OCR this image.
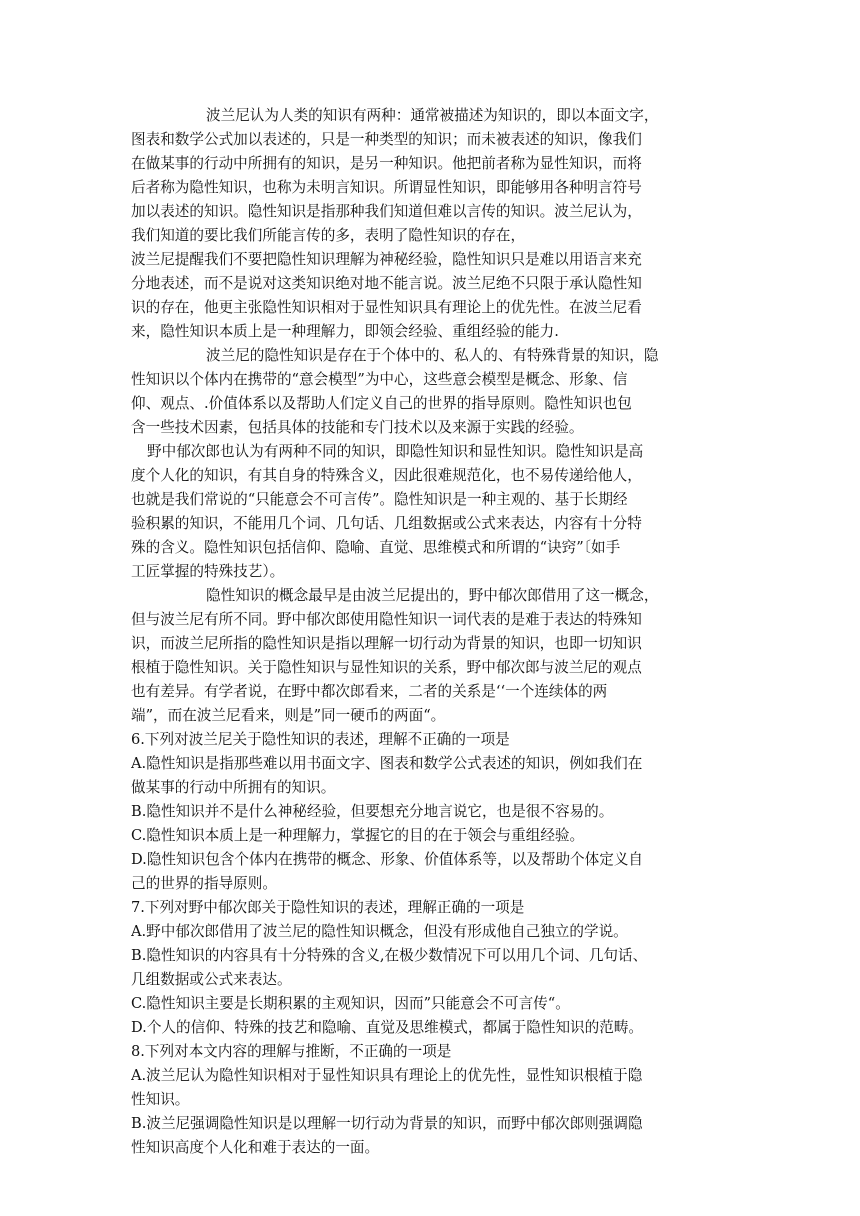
波兰尼认为人类的知识有两种：通常被描述为知识的，即以本面文字，
图表和数学公式加以表述的，只是一种类型的知识；而未被表述的知识，像我们
在做某事的行动中所拥有的知识，是另一种知识。他把前者称为显性知识，而将
后者称为隐性知识，也称为未明言知识。所谓显性知识，即能够用各种明言符号
加以表述的知识。隐性知识是指那种我们知道但难以言传的知识。波兰尼认为，
我们知道的要比我们所能言传的多，表明了隐性知识的存在，
波兰尼提醒我们不要把隐性知识理解为神秘经验，隐性知识只是难以用语言来充
分地表述，而不是说对这类知识绝对地不能言说。波兰尼绝不只限于承认隐性知
识的存在，他更主张隐性知识相对于显性知识具有理论上的优先性。在波兰尼看
来，隐性知识本质上是一种理解力，即领会经验、重组经验的能力.
波兰尼的隐性知识是存在于个体中的、私人的、有特殊背景的知识，隐
性知识以个体内在携带的“意会模型”为中心，这些意会模型是概念、形象、信
仰、观点、.价值体系以及帮助人们定义自己的世界的指导原则。隐性知识也包
含一些技术因素，包括具体的技能和专门技术以及来源于实践的经验。
野中郁次郎也认为有两种不同的知识，即隐性知识和显性知识。隐性知识是高
度个人化的知识，有其自身的特殊含义，因此很难规范化，也不易传递给他人，
也就是我们常说的“只能意会不可言传”。隐性知识是一种主观的、基于长期经
验积累的知识，不能用几个词、几句话、几组数据或公式来表达，内容有十分特
殊的含义。隐性知识包括信仰、隐喻、直觉、思维模式和所谓的“诀窍”〔如手
工匠掌握的特殊技艺）。
隐性知识的概念最早是由波兰尼提出的，野中郁次郎借用了这一概念，
但与波兰尼有所不同。野中郁次郎使用隐性知识一词代表的是难于表达的特殊知
识，而波兰尼所指的隐性知识是指以理解一切行动为背景的知识，也即一切知识
根植于隐性知识。关于隐性知识与显性知识的关系，野中郁次郎与波兰尼的观点
也有差异。有学者说，在野中都次郎看来，二者的关系是‘‘一个连续体的两
端”，而在波兰尼看来，则是”同一硬币的两面“。
6.下列对波兰尼关于隐性知识的表述，理解不正确的一项是
A.隐性知识是指那些难以用书面文字、图表和数学公式表述的知识，例如我们在
做某事的行动中所拥有的知识。
B.隐性知识并不是什么神秘经验，但要想充分地言说它，也是很不容易的。
C.隐性知识本质上是一种理解力，掌握它的目的在于领会与重组经验。
D.隐性知识包含个体内在携带的概念、形象、价值体系等，以及帮助个体定义自
己的世界的指导原则。
7.下列对野中郁次郎关于隐性知识的表述，理解正确的一项是
A.野中郁次郎借用了波兰尼的隐性知识概念，但没有形成他自己独立的学说。
B.隐性知识的内容具有十分特殊的含义,在极少数情况下可以用几个词、几句话、
几组数据或公式来表达。
C.隐性知识主要是长期积累的主观知识，因而”只能意会不可言传“。
D.个人的信仰、特殊的技艺和隐喻、直觉及思维模式，都属于隐性知识的范畴。
8.下列对本文内容的理解与推断，不正确的一项是
A.波兰尼认为隐性知识相对于显性知识具有理论上的优先性，显性知识根植于隐
性知识。
B.波兰尼强调隐性知识是以理解一切行动为背景的知识，而野中郁次郎则强调隐
性知识高度个人化和难于表达的一面。
